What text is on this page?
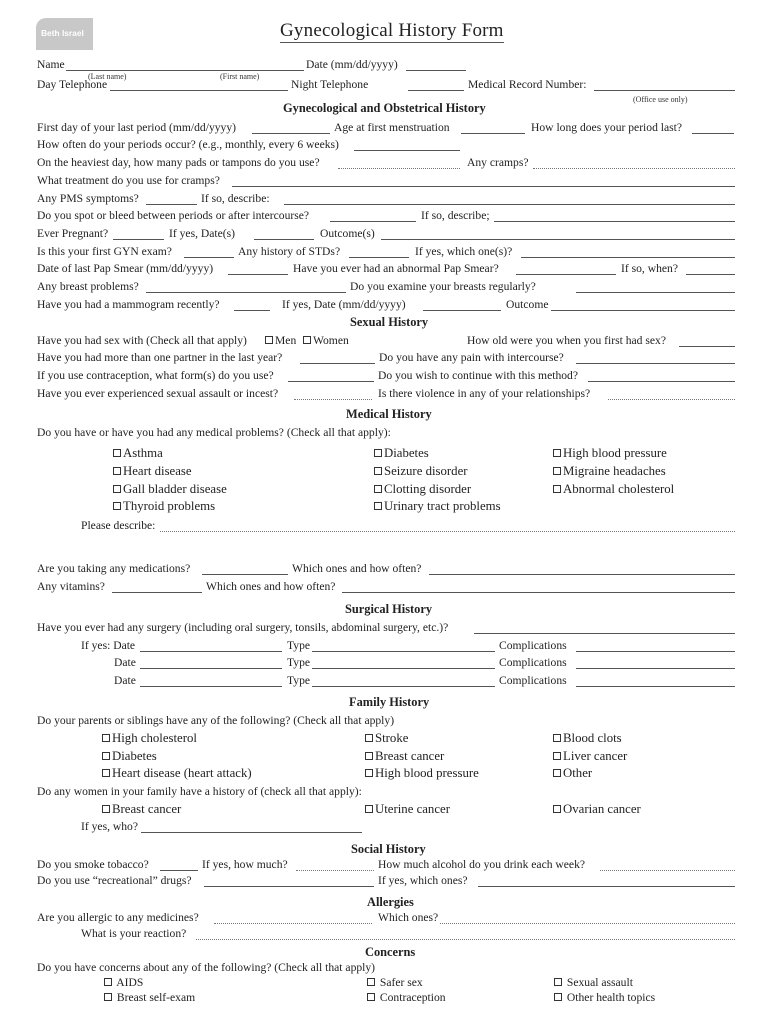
Beth Israel	Gynecological History Form
Name	Date (mm/dd/yyyy)
(Last name)	(First name)
Day Telephone	Night Telephone	Medical Record Number:
(Office use only)
Gynecological and Obstetrical History
First day of your last period (mm/dd/yyyy)	Age at first menstruation	How long does your period last?
How often do your periods occur? (e.g., monthly, every 6 weeks)
On the heaviest day, how many pads or tampons do you use?	Any cramps?
What treatment do you use for cramps?
Any PMS symptoms?	If so, describe:
Do you spot or bleed between periods or after intercourse?	If so, describe;
Ever Pregnant?	If yes, Date(s)	Outcome(s)
Is this your first GYN exam?	Any history of STDs?	If yes, which one(s)?
Date of last Pap Smear (mm/dd/yyyy)	Have you ever had an abnormal Pap Smear?	If so, when?
Any breast problems?	Do you examine your breasts regularly?
Have you had a mammogram recently?	If yes, Date (mm/dd/yyyy)	Outcome
Sexual History
Have you had sex with (Check all that apply)	Men	Women	How old were you when you first had sex?
Have you had more than one partner in the last year?	Do you have any pain with intercourse?
If you use contraception, what form(s) do you use?	Do you wish to continue with this method?
Have you ever experienced sexual assault or incest?	Is there violence in any of your relationships?
Medical History
Do you have or have you had any medical problems? (Check all that apply):
Asthma
Heart disease
Gall bladder disease
Thyroid problems
Diabetes
Seizure disorder
Clotting disorder
Urinary tract problems
High blood pressure
Migraine headaches
Abnormal cholesterol
Please describe:
Are you taking any medications?	Which ones and how often?
Any vitamins?	Which ones and how often?
Surgical History
Have you ever had any surgery (including oral surgery, tonsils, abdominal surgery, etc.)?
If yes: Date	Type	Complications
Date	Type	Complications
Date	Type	Complications
Family History
Do your parents or siblings have any of the following? (Check all that apply)
High cholesterol
Diabetes
Heart disease (heart attack)
Stroke
Breast cancer
High blood pressure
Blood clots
Liver cancer
Other
Do any women in your family have a history of (check all that apply):
Breast cancer	Uterine cancer	Ovarian cancer
If yes, who?
Social History
Do you smoke tobacco?	If yes, how much?	How much alcohol do you drink each week?
Do you use “recreational” drugs?	If yes, which ones?
Allergies
Are you allergic to any medicines?	Which ones?
What is your reaction?
Concerns
Do you have concerns about any of the following? (Check all that apply)
AIDS	Safer sex	Sexual assault
Breast self-exam	Contraception	Other health topics
